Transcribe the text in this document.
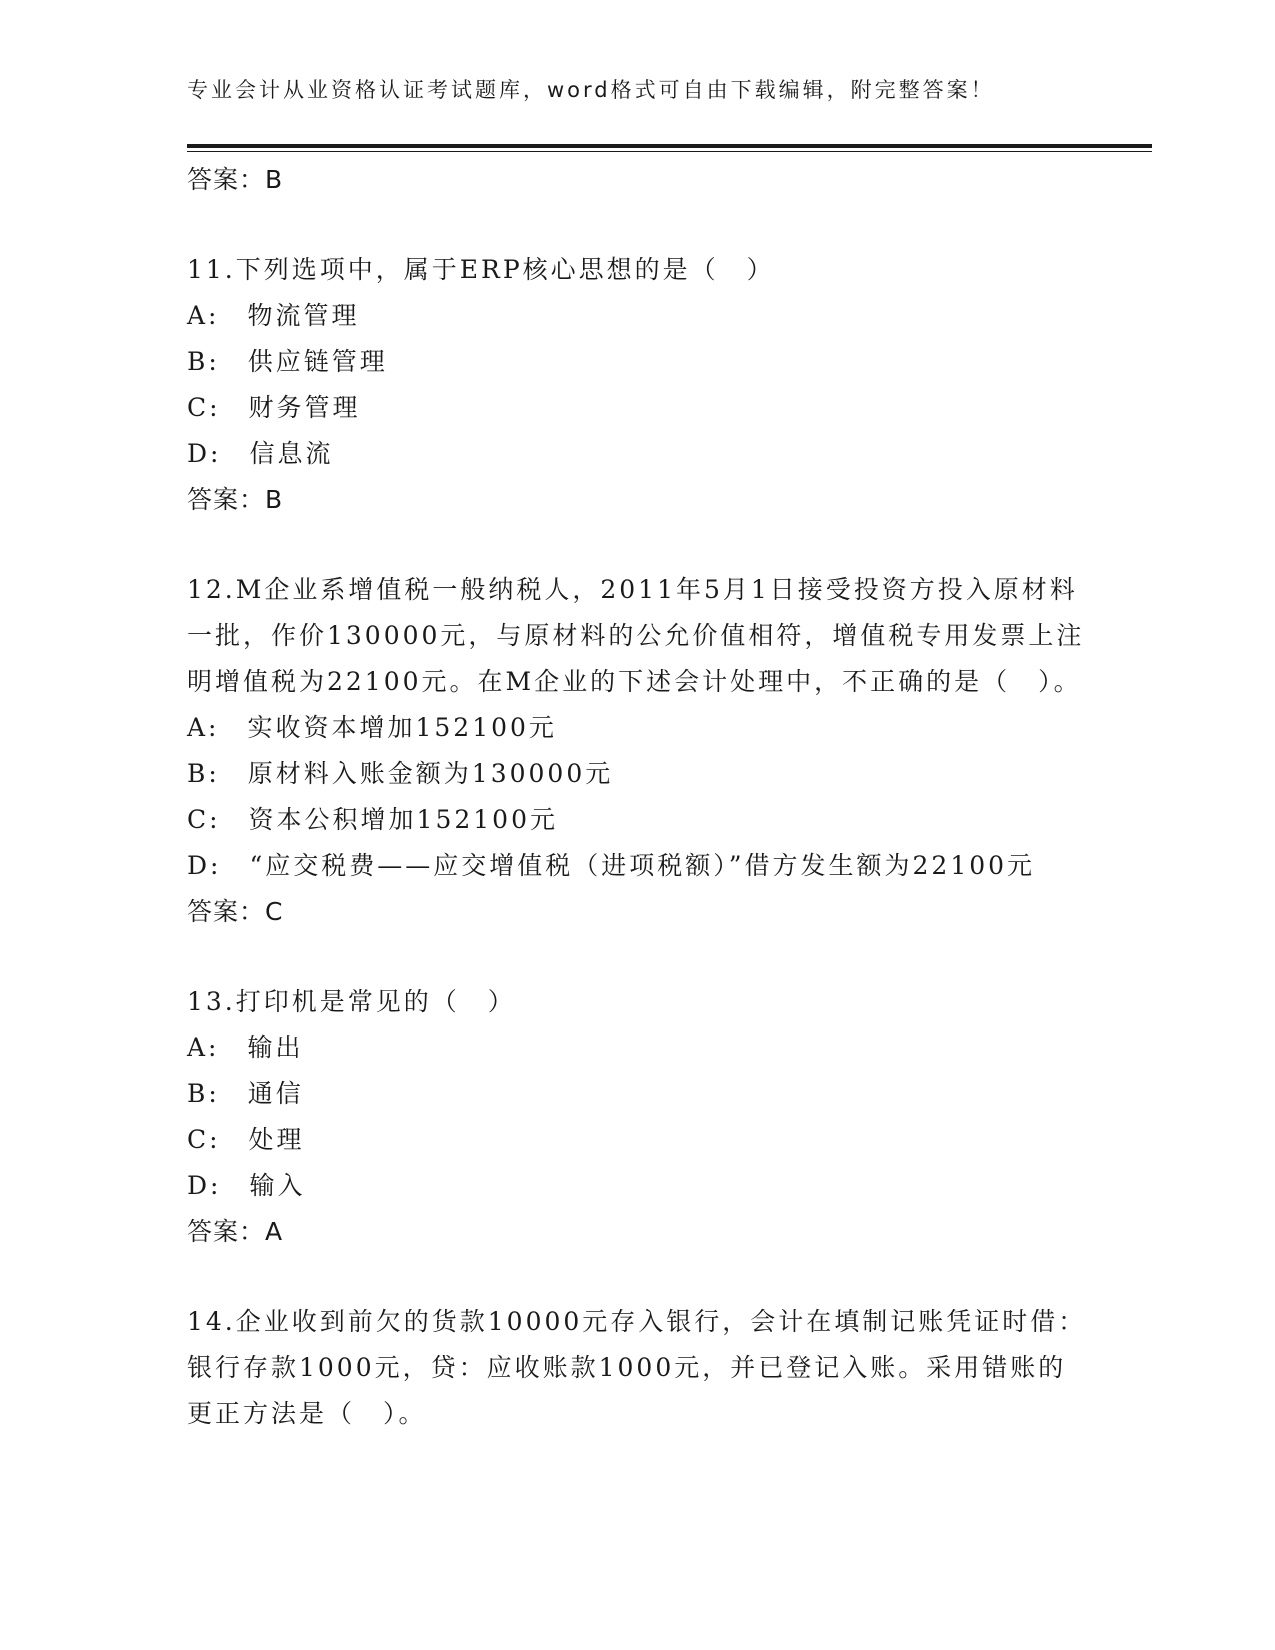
专业会计从业资格认证考试题库，word格式可自由下载编辑，附完整答案！
答案：B
11.下列选项中，属于ERP核心思想的是（　）
A:　物流管理
B:　供应链管理
C:　财务管理
D:　信息流
答案：B
12.M企业系增值税一般纳税人，2011年5月1日接受投资方投入原材料一批，作价130000元，与原材料的公允价值相符，增值税专用发票上注明增值税为22100元。在M企业的下述会计处理中，不正确的是（　）。
A:　实收资本增加152100元
B:　原材料入账金额为130000元
C:　资本公积增加152100元
D:　“应交税费——应交增值税（进项税额）”借方发生额为22100元
答案：C
13.打印机是常见的（　）
A:　输出
B:　通信
C:　处理
D:　输入
答案：A
14.企业收到前欠的货款10000元存入银行，会计在填制记账凭证时借：银行存款1000元，贷：应收账款1000元，并已登记入账。采用错账的更正方法是（　）。
